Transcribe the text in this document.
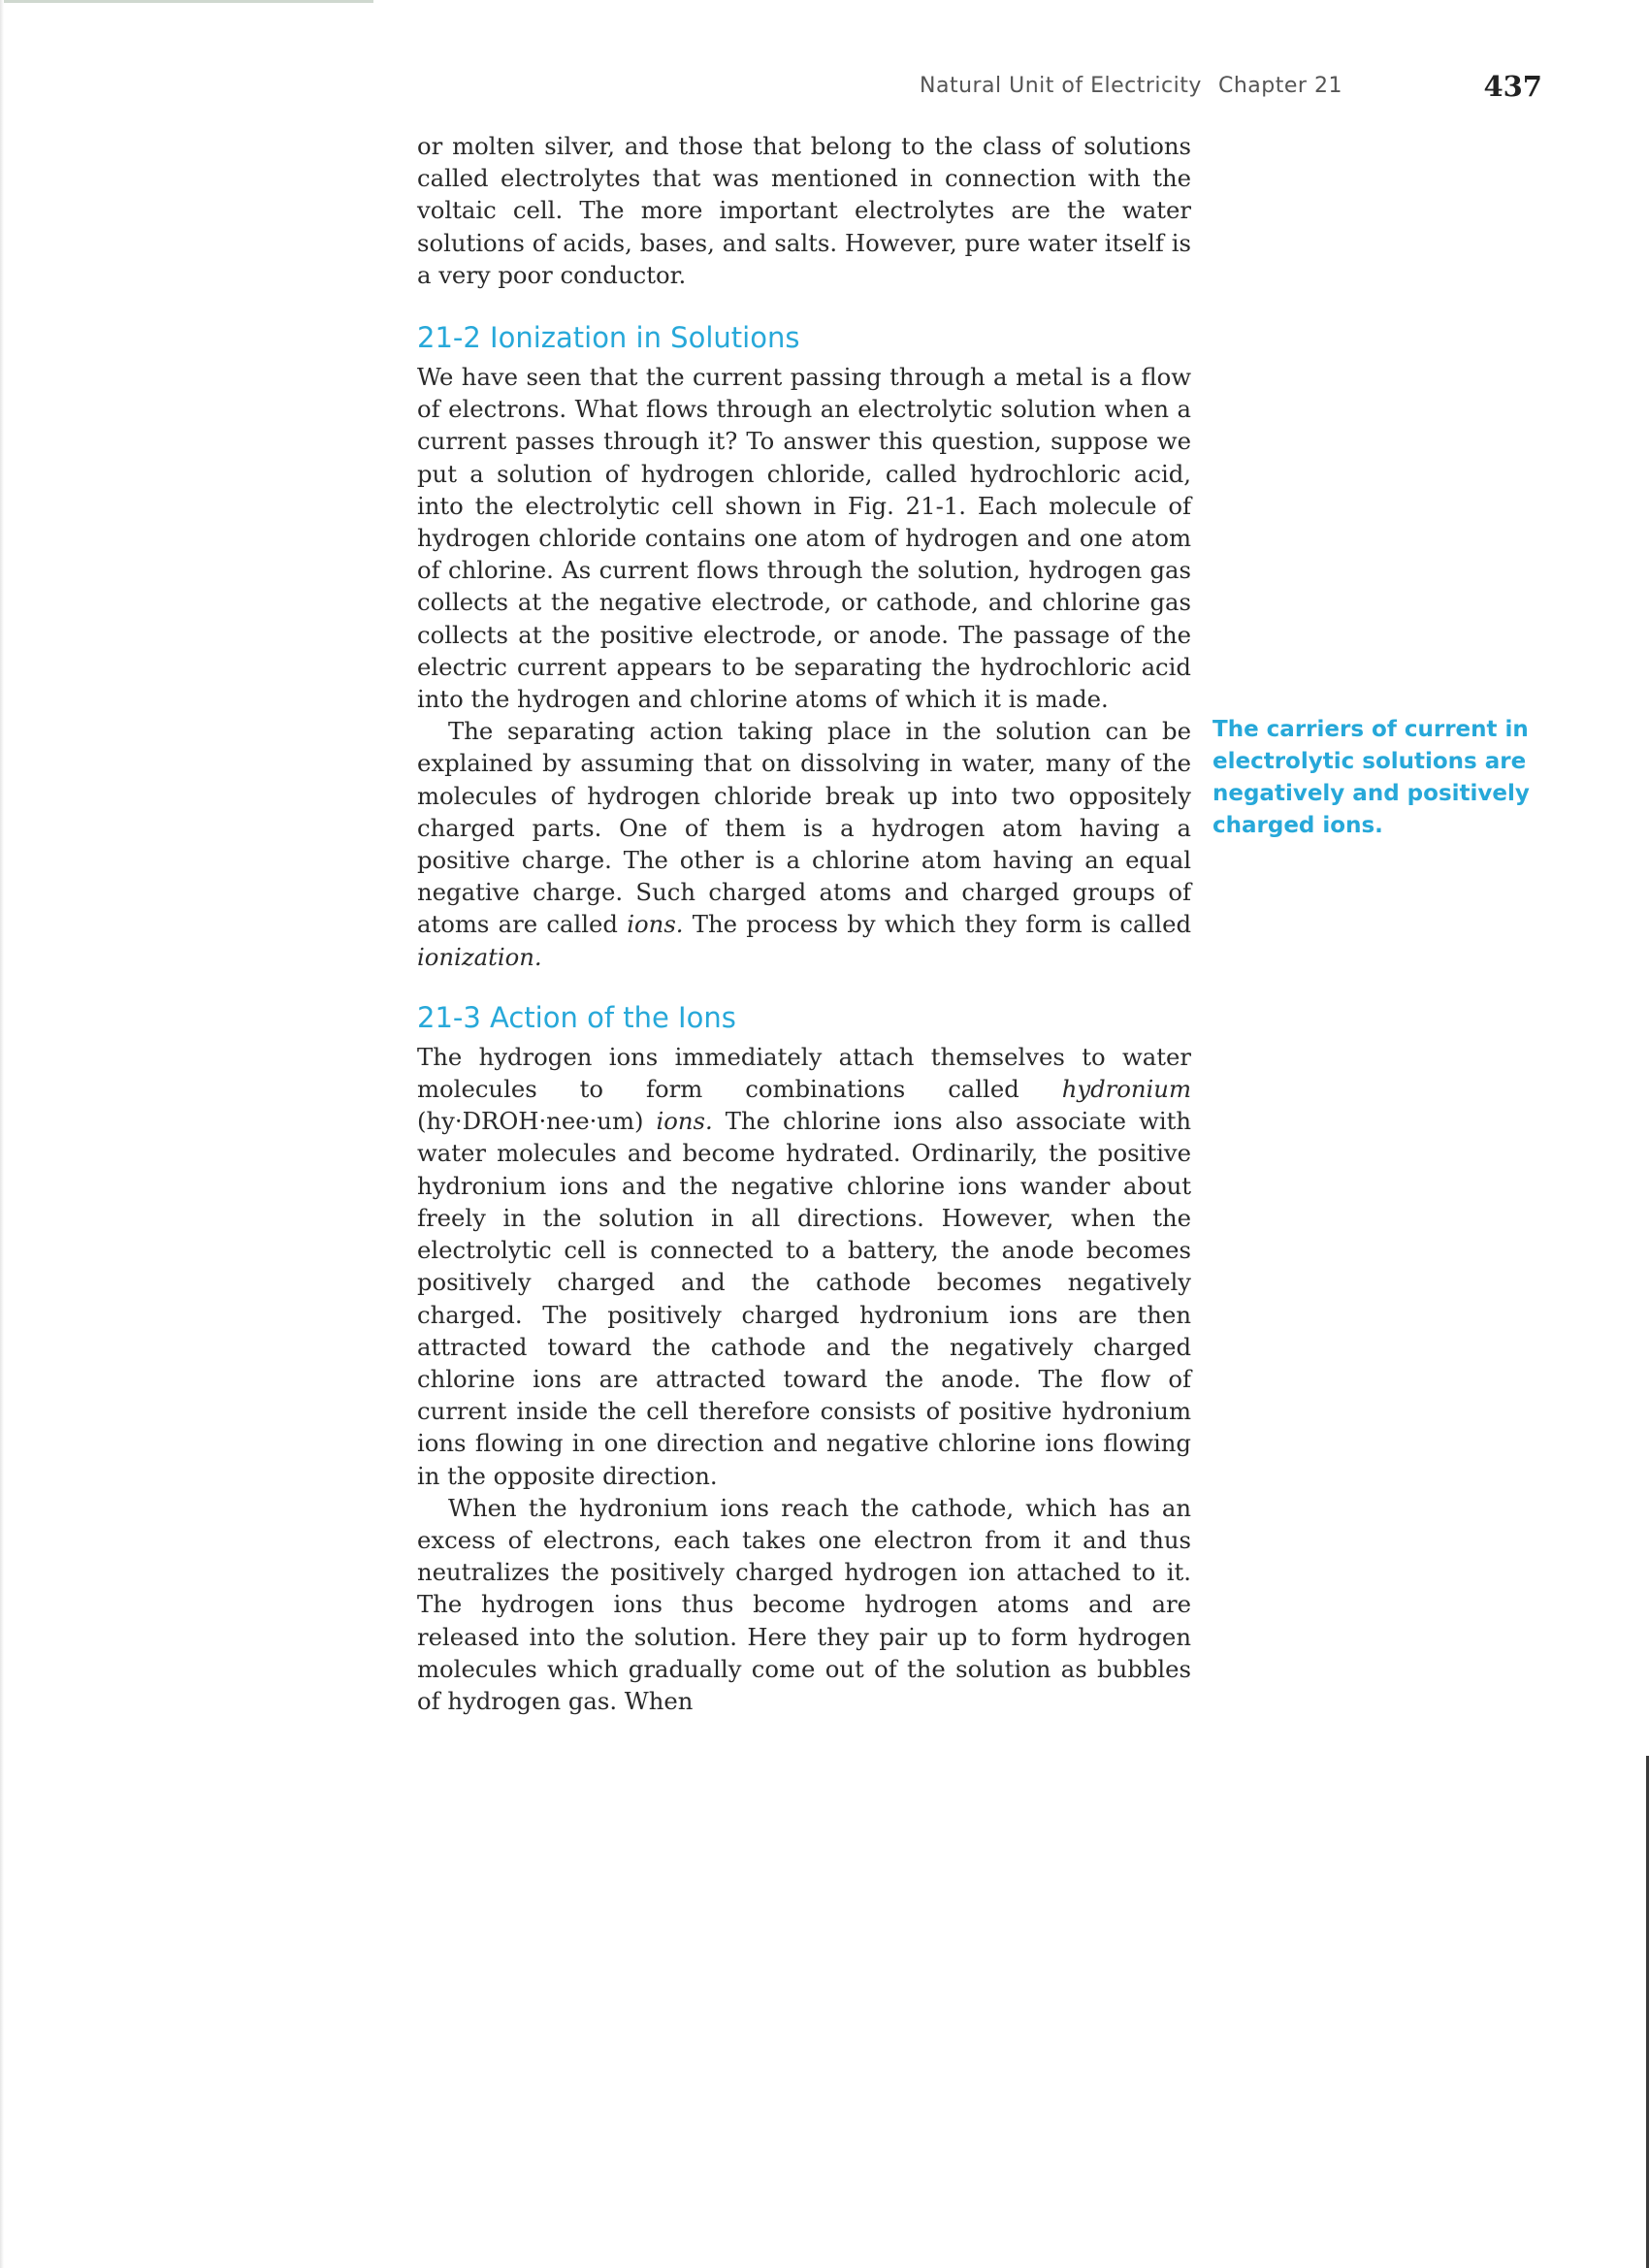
Natural Unit of Electricity Chapter 21	437

or molten silver, and those that belong to the class of solutions called electrolytes that was mentioned in connection with the voltaic cell. The more important electrolytes are the water solutions of acids, bases, and salts. However, pure water itself is a very poor conductor.

21-2 Ionization in Solutions

We have seen that the current passing through a metal is a flow of electrons. What flows through an electrolytic solution when a current passes through it? To answer this question, suppose we put a solution of hydrogen chloride, called hydrochloric acid, into the electrolytic cell shown in Fig. 21-1. Each molecule of hydrogen chloride contains one atom of hydrogen and one atom of chlorine. As current flows through the solution, hydrogen gas collects at the negative electrode, or cathode, and chlorine gas collects at the positive electrode, or anode. The passage of the electric current appears to be separating the hydrochloric acid into the hydrogen and chlorine atoms of which it is made.

The separating action taking place in the solution can be explained by assuming that on dissolving in water, many of the molecules of hydrogen chloride break up into two oppositely charged parts. One of them is a hydrogen atom having a positive charge. The other is a chlorine atom having an equal negative charge. Such charged atoms and charged groups of atoms are called ions. The process by which they form is called ionization.

21-3 Action of the Ions

The hydrogen ions immediately attach themselves to water molecules to form combinations called hydronium (hy·DROH·nee·um) ions. The chlorine ions also associate with water molecules and become hydrated. Ordinarily, the positive hydronium ions and the negative chlorine ions wander about freely in the solution in all directions. However, when the electrolytic cell is connected to a battery, the anode becomes positively charged and the cathode becomes negatively charged. The positively charged hydronium ions are then attracted toward the cathode and the negatively charged chlorine ions are attracted toward the anode. The flow of current inside the cell therefore consists of positive hydronium ions flowing in one direction and negative chlorine ions flowing in the opposite direction.

When the hydronium ions reach the cathode, which has an excess of electrons, each takes one electron from it and thus neutralizes the positively charged hydrogen ion attached to it. The hydrogen ions thus become hydrogen atoms and are released into the solution. Here they pair up to form hydrogen molecules which gradually come out of the solution as bubbles of hydrogen gas. When

The carriers of current in electrolytic solutions are negatively and positively charged ions.
